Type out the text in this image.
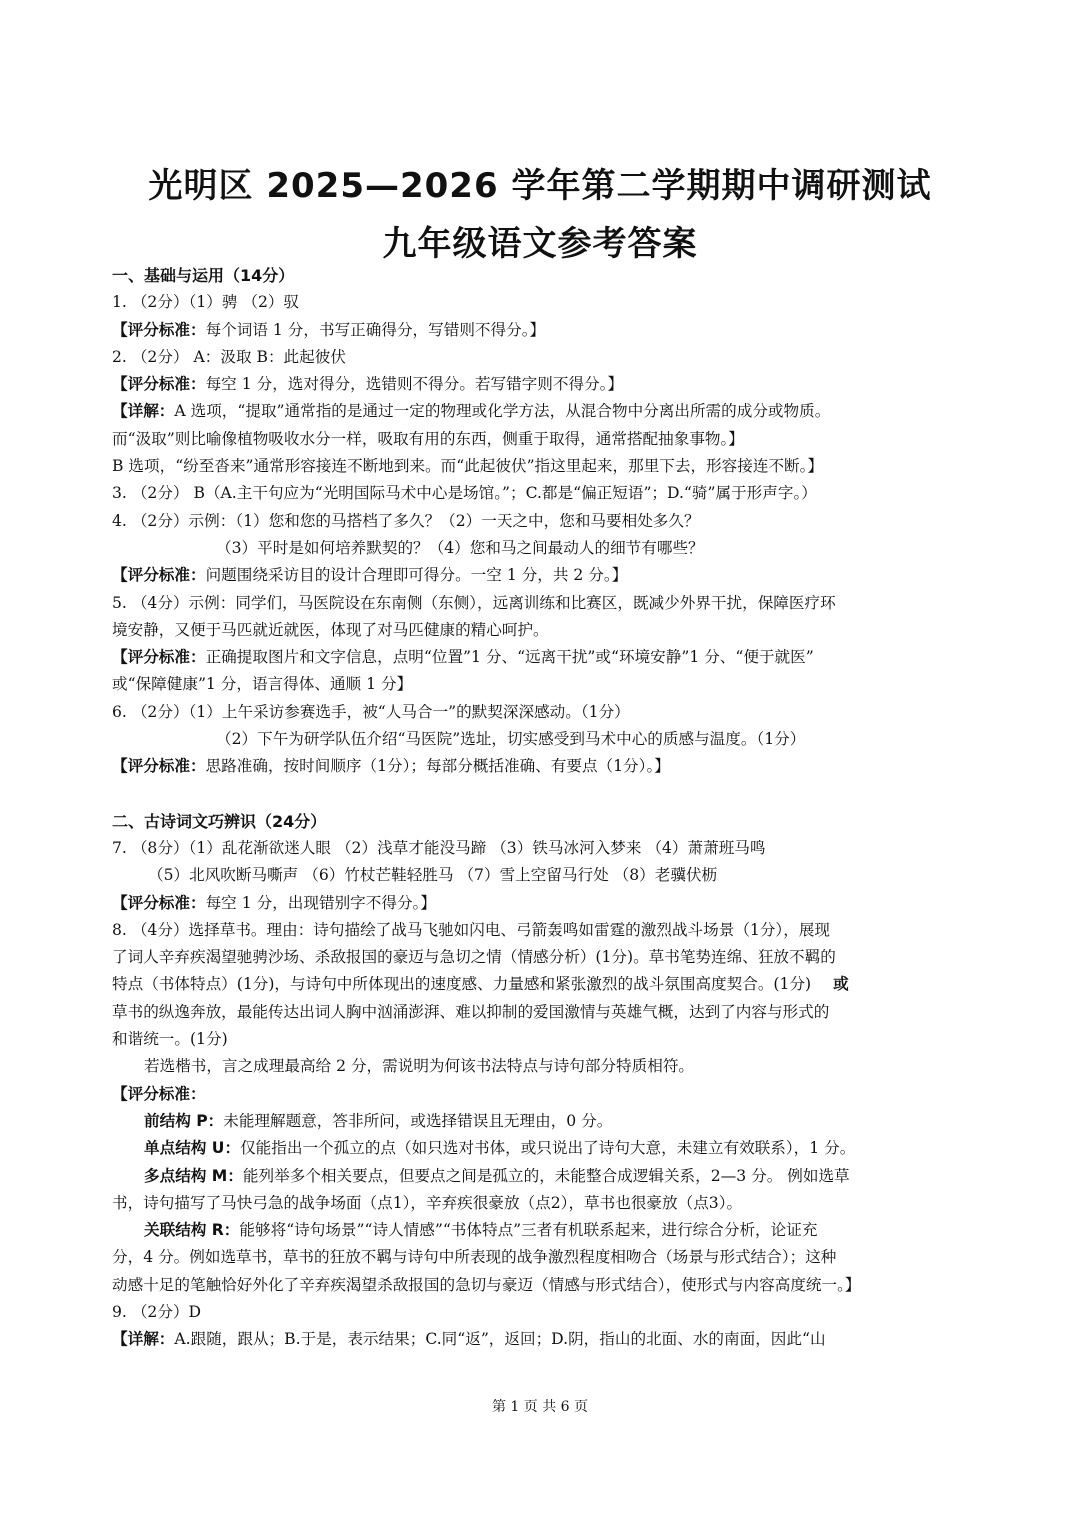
光明区 2025—2026 学年第二学期期中调研测试
九年级语文参考答案
一、基础与运用（14分）
1. （2分）（1）骋 （2）驭
【评分标准：每个词语 1 分，书写正确得分，写错则不得分。】
2. （2分） A：汲取 B：此起彼伏
【评分标准：每空 1 分，选对得分，选错则不得分。若写错字则不得分。】
【详解：A 选项，“提取”通常指的是通过一定的物理或化学方法，从混合物中分离出所需的成分或物质。
而“汲取”则比喻像植物吸收水分一样，吸取有用的东西，侧重于取得，通常搭配抽象事物。】
B 选项，“纷至沓来”通常形容接连不断地到来。而“此起彼伏”指这里起来，那里下去，形容接连不断。】
3. （2分） B（A.主干句应为“光明国际马术中心是场馆。”；C.都是“偏正短语”；D.“骑”属于形声字。）
4. （2分）示例：（1）您和您的马搭档了多久？（2）一天之中，您和马要相处多久？
（3）平时是如何培养默契的？（4）您和马之间最动人的细节有哪些？
【评分标准：问题围绕采访目的设计合理即可得分。一空 1 分，共 2 分。】
5. （4分）示例：同学们，马医院设在东南侧（东侧），远离训练和比赛区，既减少外界干扰，保障医疗环
境安静，又便于马匹就近就医，体现了对马匹健康的精心呵护。
【评分标准：正确提取图片和文字信息，点明“位置”1 分、“远离干扰”或“环境安静”1 分、“便于就医”
或“保障健康”1 分，语言得体、通顺 1 分】
6. （2分）（1）上午采访参赛选手，被“人马合一”的默契深深感动。（1分）
（2）下午为研学队伍介绍“马医院”选址，切实感受到马术中心的质感与温度。（1分）
【评分标准：思路准确，按时间顺序（1分）；每部分概括准确、有要点（1分）。】
二、古诗词文巧辨识（24分）
7. （8分）（1）乱花渐欲迷人眼 （2）浅草才能没马蹄 （3）铁马冰河入梦来 （4）萧萧班马鸣
（5）北风吹断马嘶声 （6）竹杖芒鞋轻胜马 （7）雪上空留马行处 （8）老骥伏枥
【评分标准：每空 1 分，出现错别字不得分。】
8. （4分）选择草书。理由：诗句描绘了战马飞驰如闪电、弓箭轰鸣如雷霆的激烈战斗场景（1分），展现
了词人辛弃疾渴望驰骋沙场、杀敌报国的豪迈与急切之情（情感分析）(1分)。草书笔势连绵、狂放不羁的
特点（书体特点）(1分)，与诗句中所体现出的速度感、力量感和紧张激烈的战斗氛围高度契合。(1分) 或
草书的纵逸奔放，最能传达出词人胸中汹涌澎湃、难以抑制的爱国激情与英雄气概，达到了内容与形式的
和谐统一。(1分)
若选楷书，言之成理最高给 2 分，需说明为何该书法特点与诗句部分特质相符。
【评分标准：
前结构 P：未能理解题意，答非所问，或选择错误且无理由，0 分。
单点结构 U：仅能指出一个孤立的点（如只选对书体，或只说出了诗句大意，未建立有效联系），1 分。
多点结构 M：能列举多个相关要点，但要点之间是孤立的，未能整合成逻辑关系，2—3 分。 例如选草
书，诗句描写了马快弓急的战争场面（点1），辛弃疾很豪放（点2），草书也很豪放（点3）。
关联结构 R：能够将“诗句场景”“诗人情感”“书体特点”三者有机联系起来，进行综合分析，论证充
分，4 分。例如选草书，草书的狂放不羁与诗句中所表现的战争激烈程度相吻合（场景与形式结合）；这种
动感十足的笔触恰好外化了辛弃疾渴望杀敌报国的急切与豪迈（情感与形式结合），使形式与内容高度统一。】
9. （2分）D
【详解：A.跟随，跟从；B.于是，表示结果；C.同“返”，返回；D.阴，指山的北面、水的南面，因此“山
第 1 页 共 6 页
